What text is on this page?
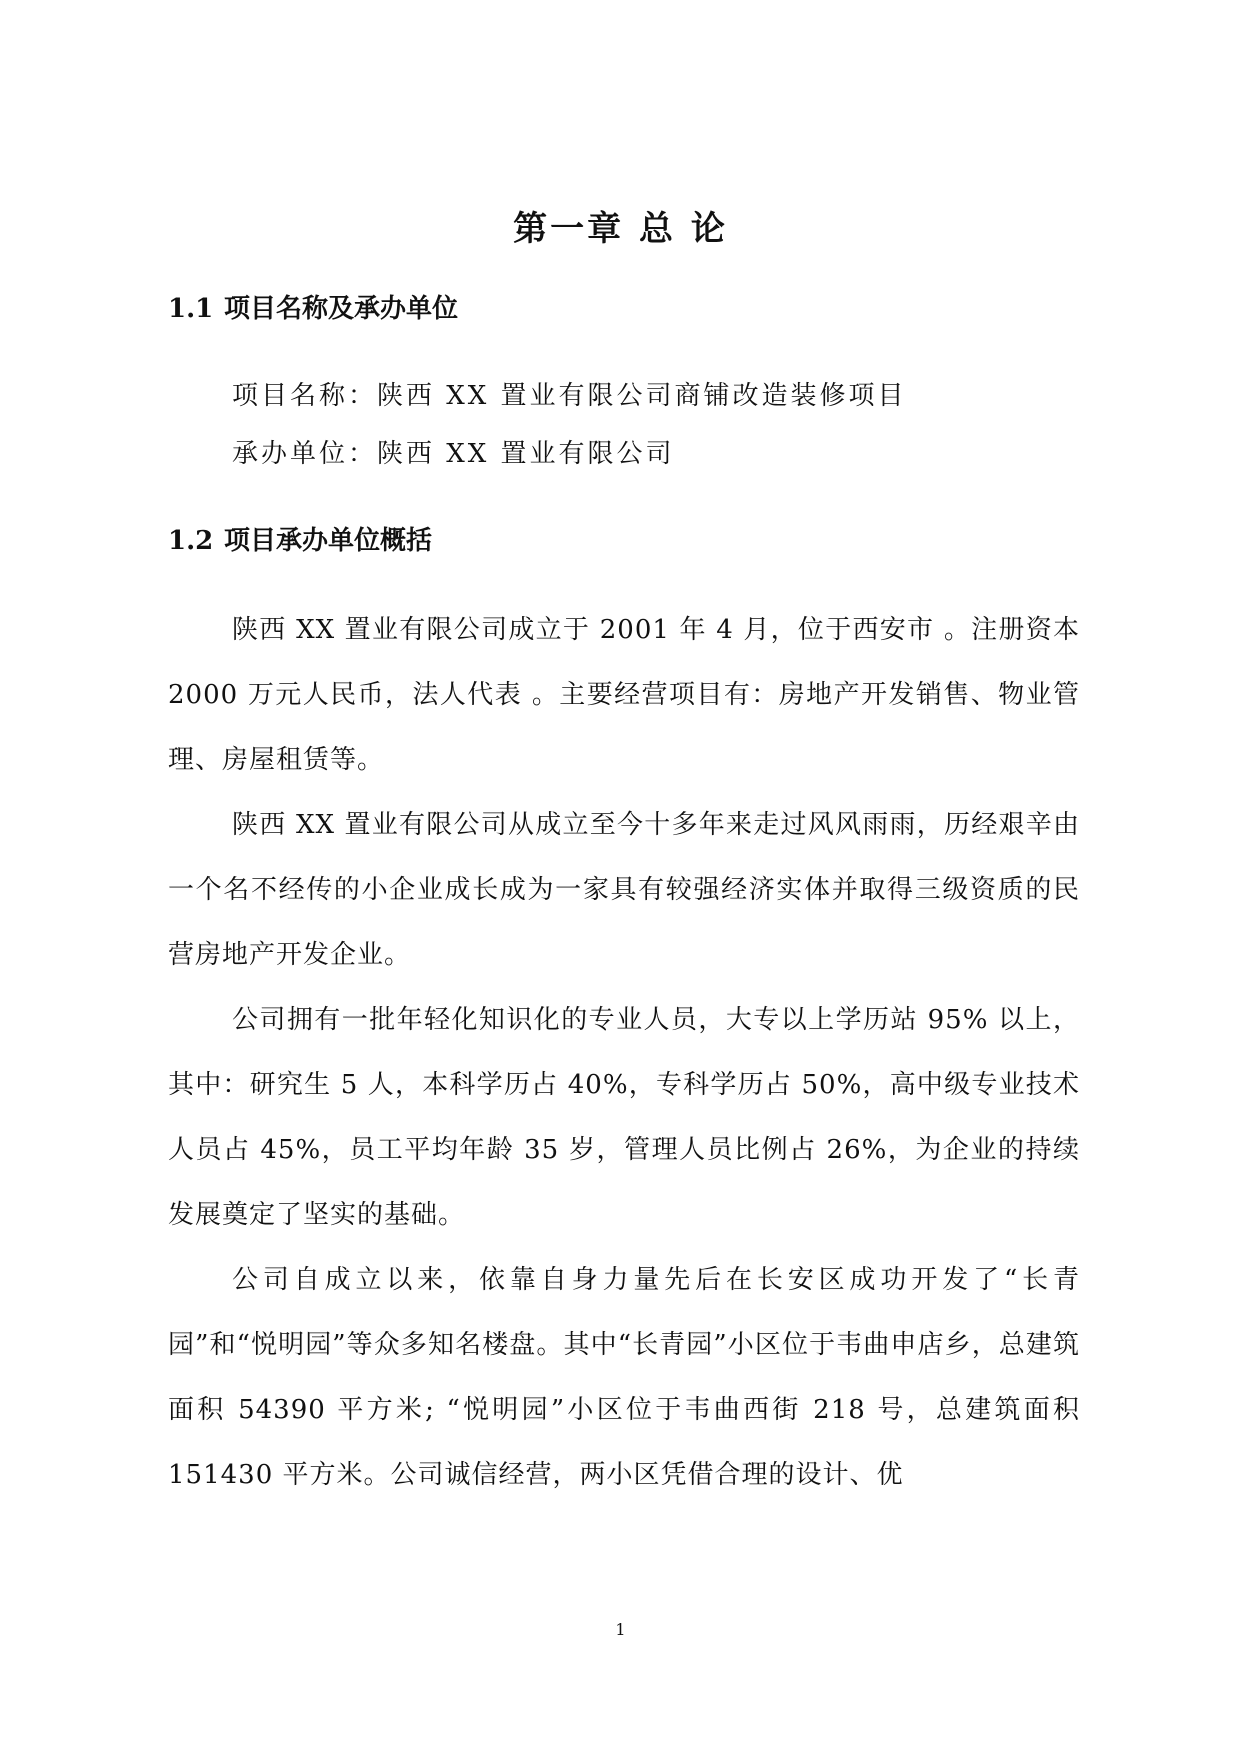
第一章 总 论
1.1 项目名称及承办单位
项目名称：陕西 XX 置业有限公司商铺改造装修项目
承办单位：陕西 XX 置业有限公司
1.2 项目承办单位概括

陕西 XX 置业有限公司成立于 2001 年 4 月，位于西安市 。注册资本 2000 万元人民币，法人代表 。主要经营项目有：房地产开发销售、物业管理、房屋租赁等。

陕西 XX 置业有限公司从成立至今十多年来走过风风雨雨，历经艰辛由一个名不经传的小企业成长成为一家具有较强经济实体并取得三级资质的民营房地产开发企业。

公司拥有一批年轻化知识化的专业人员，大专以上学历站 95% 以上，其中：研究生 5 人，本科学历占 40%，专科学历占 50%，高中级专业技术人员占 45%，员工平均年龄 35 岁，管理人员比例占 26%，为企业的持续发展奠定了坚实的基础。

公司自成立以来，依靠自身力量先后在长安区成功开发了“长青园”和“悦明园”等众多知名楼盘。其中“长青园”小区位于韦曲申店乡，总建筑面积 54390 平方米; “悦明园”小区位于韦曲西街 218 号，总建筑面积 151430 平方米。公司诚信经营，两小区凭借合理的设计、优

1
